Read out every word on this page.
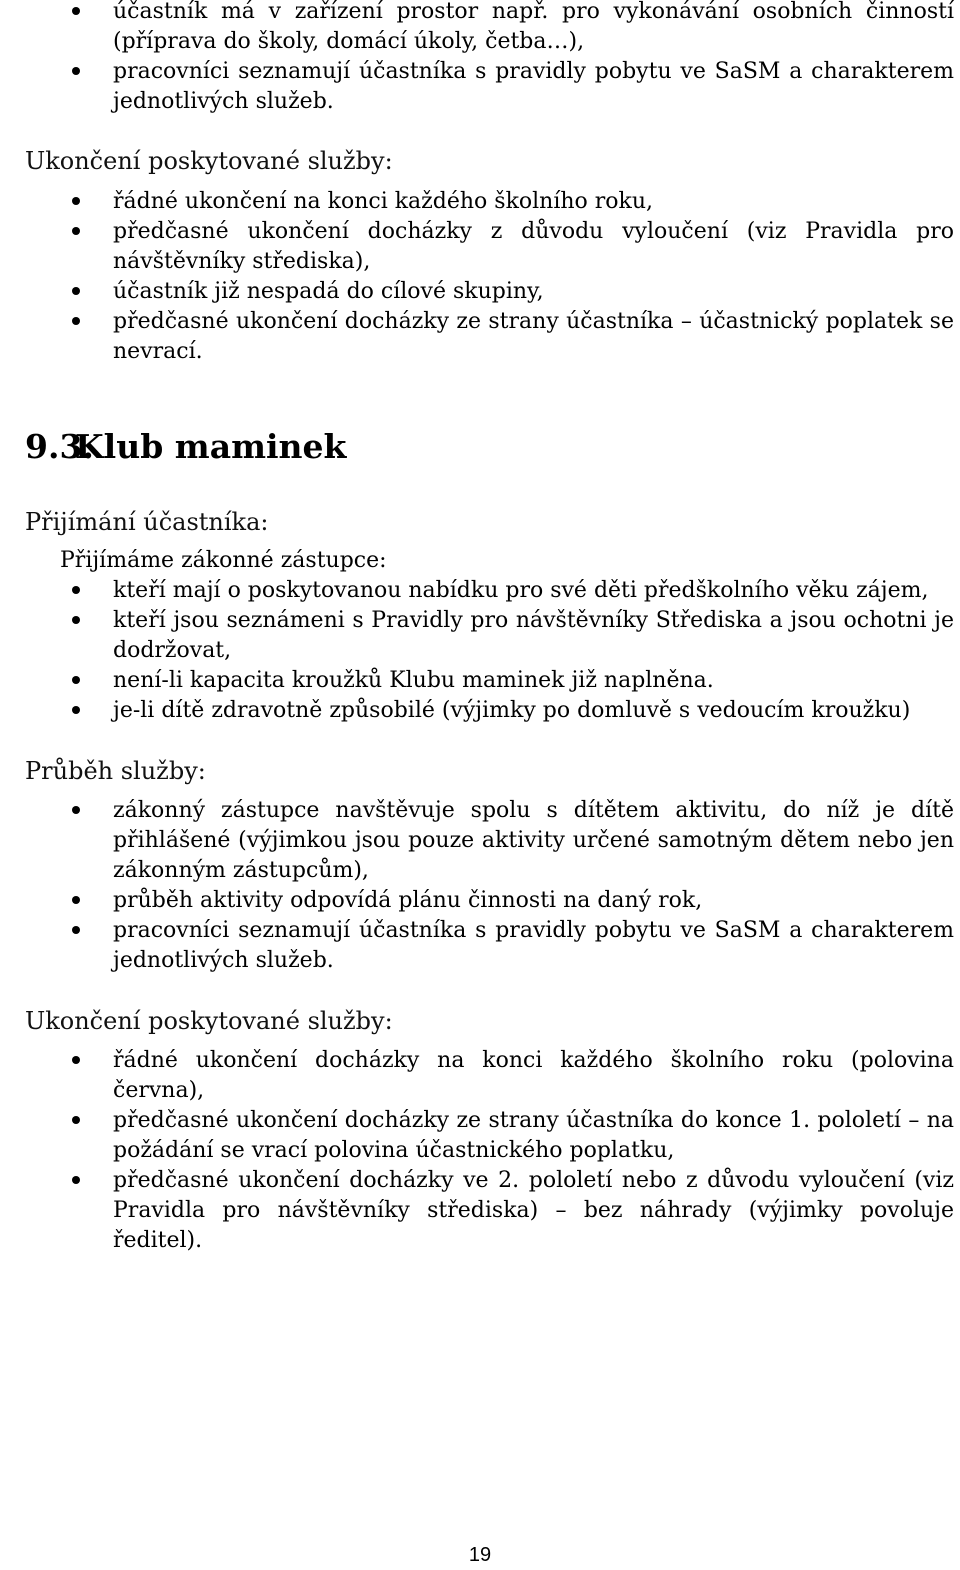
účastník má v zařízení prostor např. pro vykonávání osobních činností (příprava do školy, domácí úkoly, četba…),
pracovníci seznamují účastníka s pravidly pobytu ve SaSM a charakterem jednotlivých služeb.
Ukončení poskytované služby:
řádné ukončení na konci každého školního roku,
předčasné ukončení docházky z důvodu vyloučení (viz Pravidla pro návštěvníky střediska),
účastník již nespadá do cílové skupiny,
předčasné ukončení docházky ze strany účastníka – účastnický poplatek se nevrací.
9.3.Klub maminek
Přijímání účastníka:
Přijímáme zákonné zástupce:
kteří mají o poskytovanou nabídku pro své děti předškolního věku zájem,
kteří jsou seznámeni s Pravidly pro návštěvníky Střediska a jsou ochotni je dodržovat,
není-li kapacita kroužků Klubu maminek již naplněna.
je-li dítě zdravotně způsobilé (výjimky po domluvě s vedoucím kroužku)
Průběh služby:
zákonný zástupce navštěvuje spolu s dítětem aktivitu, do níž je dítě přihlášené (výjimkou jsou pouze aktivity určené samotným dětem nebo jen zákonným zástupcům),
průběh aktivity odpovídá plánu činnosti na daný rok,
pracovníci seznamují účastníka s pravidly pobytu ve SaSM a charakterem jednotlivých služeb.
Ukončení poskytované služby:
řádné ukončení docházky na konci každého školního roku (polovina června),
předčasné ukončení docházky ze strany účastníka do konce 1. pololetí – na požádání se vrací polovina účastnického poplatku,
předčasné ukončení docházky ve 2. pololetí nebo z důvodu vyloučení (viz Pravidla pro návštěvníky střediska) – bez náhrady (výjimky povoluje ředitel).
19
